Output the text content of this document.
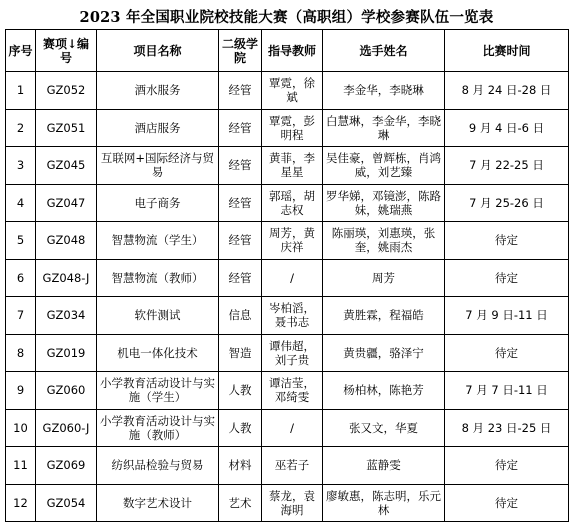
2023 年全国职业院校技能大赛（高职组）学校参赛队伍一览表
序号	赛项↓编号	项目名称	二级学院	指导教师	选手姓名	比赛时间
1	GZ052	酒水服务	经管	覃霓，徐斌	李金华，李晓琳	8 月 24 日-28 日
2	GZ051	酒店服务	经管	覃霓，彭明程	白慧琳，李金华，李晓琳	9 月 4 日-6 日
3	GZ045	互联网+国际经济与贸易	经管	黄菲，李星星	吴佳豪，曾辉栋，肖鸿威，刘艺臻	7 月 22-25 日
4	GZ047	电子商务	经管	郭瑶，胡志权	罗华娣，邓镜澎，陈路妹，姚瑞燕	7 月 25-26 日
5	GZ048	智慧物流（学生）	经管	周芳，黄庆祥	陈丽瑛，刘惠瑛，张奎，姚雨杰	待定
6	GZ048-J	智慧物流（教师）	经管	/	周芳	待定
7	GZ034	软件测试	信息	岑柏滔，聂书志	黄胜霖，程福皓	7 月 9 日-11 日
8	GZ019	机电一体化技术	智造	谭伟超，刘子贵	黄贵疆，骆泽宁	待定
9	GZ060	小学教育活动设计与实施（学生）	人教	谭洁莹，邓绮雯	杨柏林，陈艳芳	7 月 7 日-11 日
10	GZ060-J	小学教育活动设计与实施（教师）	人教	/	张又文，华夏	8 月 23 日-25 日
11	GZ069	纺织品检验与贸易	材料	巫若子	蓝静雯	待定
12	GZ054	数字艺术设计	艺术	蔡龙，袁海明	廖敏惠，陈志明，乐元林	待定
